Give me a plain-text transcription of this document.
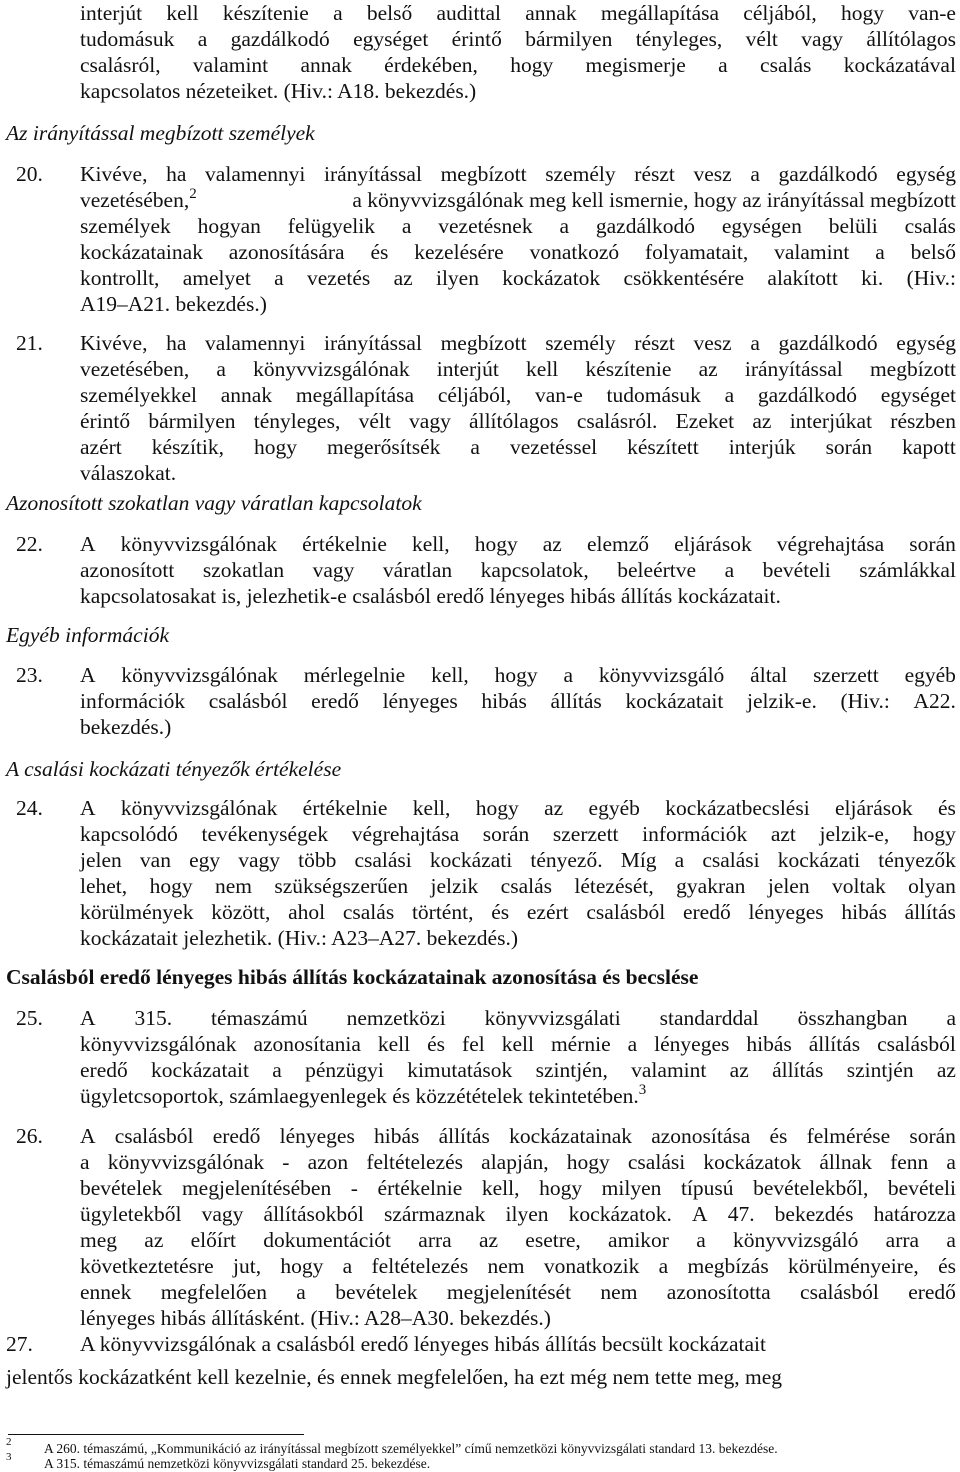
interjút kell készítenie a belső audittal annak megállapítása céljából, hogy van-e
tudomásuk a gazdálkodó egységet érintő bármilyen tényleges, vélt vagy állítólagos
csalásról, valamint annak érdekében, hogy megismerje a csalás kockázatával
kapcsolatos nézeteiket. (Hiv.: A18. bekezdés.)
Az irányítással megbízott személyek
20.	Kivéve, ha valamennyi irányítással megbízott személy részt vesz a gazdálkodó egység
vezetésében,$^2$	a könyvvizsgálónak meg kell ismernie, hogy az irányítással megbízott
személyek hogyan felügyelik a vezetésnek a gazdálkodó egységen belüli csalás
kockázatainak azonosítására és kezelésére vonatkozó folyamatait, valamint a belső
kontrollt, amelyet a vezetés az ilyen kockázatok csökkentésére alakított ki. (Hiv.:
A19–A21. bekezdés.)
21.	Kivéve, ha valamennyi irányítással megbízott személy részt vesz a gazdálkodó egység
vezetésében, a könyvvizsgálónak interjút kell készítenie az irányítással megbízott
személyekkel annak megállapítása céljából, van-e tudomásuk a gazdálkodó egységet
érintő bármilyen tényleges, vélt vagy állítólagos csalásról. Ezeket az interjúkat részben
azért készítik, hogy megerősítsék a vezetéssel készített interjúk során kapott
válaszokat.
Azonosított szokatlan vagy váratlan kapcsolatok
22.	A könyvvizsgálónak értékelnie kell, hogy az elemző eljárások végrehajtása során
azonosított szokatlan vagy váratlan kapcsolatok, beleértve a bevételi számlákkal
kapcsolatosakat is, jelezhetik-e csalásból eredő lényeges hibás állítás kockázatait.
Egyéb információk
23.	A könyvvizsgálónak mérlegelnie kell, hogy a könyvvizsgáló által szerzett egyéb
információk csalásból eredő lényeges hibás állítás kockázatait jelzik-e. (Hiv.: A22.
bekezdés.)
A csalási kockázati tényezők értékelése
24.	A könyvvizsgálónak értékelnie kell, hogy az egyéb kockázatbecslési eljárások és
kapcsolódó tevékenységek végrehajtása során szerzett információk azt jelzik-e, hogy
jelen van egy vagy több csalási kockázati tényező. Míg a csalási kockázati tényezők
lehet, hogy nem szükségszerűen jelzik csalás létezését, gyakran jelen voltak olyan
körülmények között, ahol csalás történt, és ezért csalásból eredő lényeges hibás állítás
kockázatait jelezhetik. (Hiv.: A23–A27. bekezdés.)
Csalásból eredő lényeges hibás állítás kockázatainak azonosítása és becslése
25.	A 315. témaszámú nemzetközi könyvvizsgálati standarddal összhangban a
könyvvizsgálónak azonosítania kell és fel kell mérnie a lényeges hibás állítás csalásból
eredő kockázatait a pénzügyi kimutatások szintjén, valamint az állítás szintjén az
ügyletcsoportok, számlaegyenlegek és közzétételek tekintetében.$^3$
26.	A csalásból eredő lényeges hibás állítás kockázatainak azonosítása és felmérése során
a könyvvizsgálónak - azon feltételezés alapján, hogy csalási kockázatok állnak fenn a
bevételek megjelenítésében - értékelnie kell, hogy milyen típusú bevételekből, bevételi
ügyletekből vagy állításokból származnak ilyen kockázatok. A 47. bekezdés határozza
meg az előírt dokumentációt arra az esetre, amikor a könyvvizsgáló arra a
következtetésre jut, hogy a feltételezés nem vonatkozik a megbízás körülményeire, és
ennek megfelelően a bevételek megjelenítését nem azonosította csalásból eredő
lényeges hibás állításként. (Hiv.: A28–A30. bekezdés.)
27.	A könyvvizsgálónak a csalásból eredő lényeges hibás állítás becsült kockázatait
jelentős kockázatként kell kezelnie, és ennek megfelelően, ha ezt még nem tette meg, meg
2 A 260. témaszámú, „Kommunikáció az irányítással megbízott személyekkel” című nemzetközi könyvvizsgálati standard 13. bekezdése.
3 A 315. témaszámú nemzetközi könyvvizsgálati standard 25. bekezdése.
